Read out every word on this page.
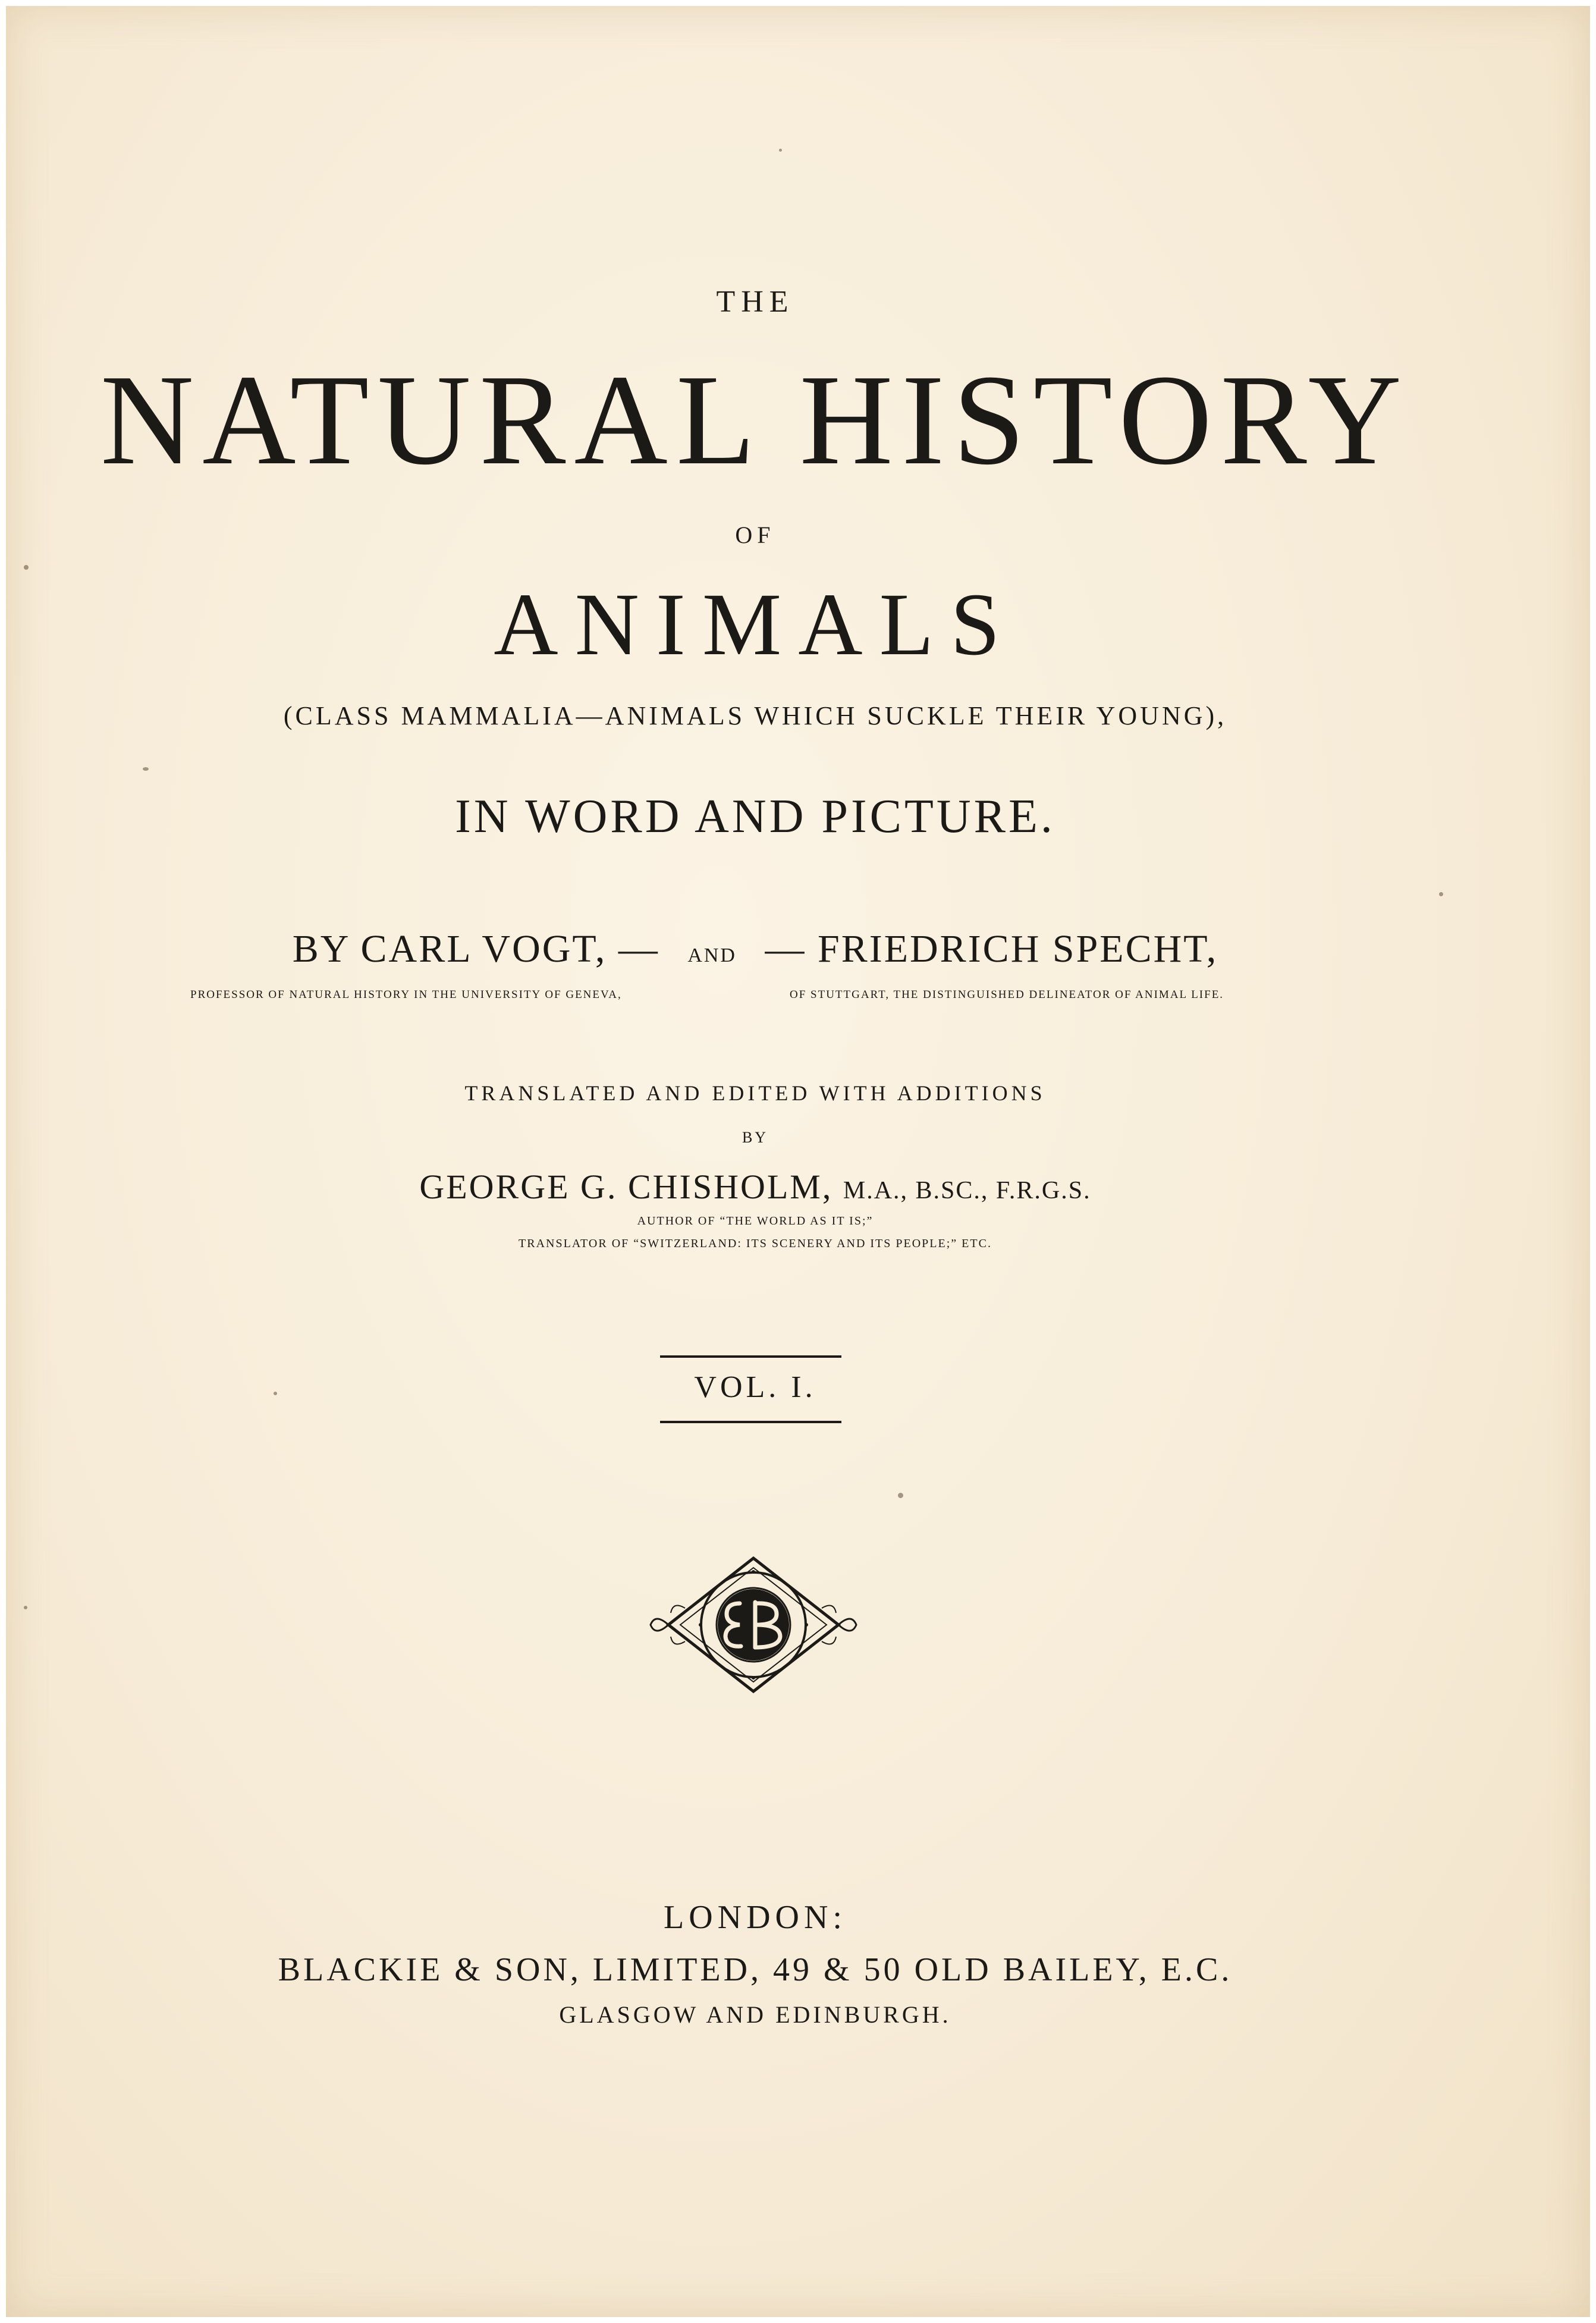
THE
NATURAL HISTORY
OF
ANIMALS
(CLASS MAMMALIA—ANIMALS WHICH SUCKLE THEIR YOUNG),
IN WORD AND PICTURE.
BY CARL VOGT, — AND — FRIEDRICH SPECHT,
PROFESSOR OF NATURAL HISTORY IN THE UNIVERSITY OF GENEVA,	OF STUTTGART, THE DISTINGUISHED DELINEATOR OF ANIMAL LIFE.
TRANSLATED AND EDITED WITH ADDITIONS
BY
GEORGE G. CHISHOLM, M.A., B.SC., F.R.G.S.
AUTHOR OF “THE WORLD AS IT IS;”
TRANSLATOR OF “SWITZERLAND: ITS SCENERY AND ITS PEOPLE;” ETC.
VOL. I.
LONDON:
BLACKIE & SON, LIMITED, 49 & 50 OLD BAILEY, E.C.
GLASGOW AND EDINBURGH.
